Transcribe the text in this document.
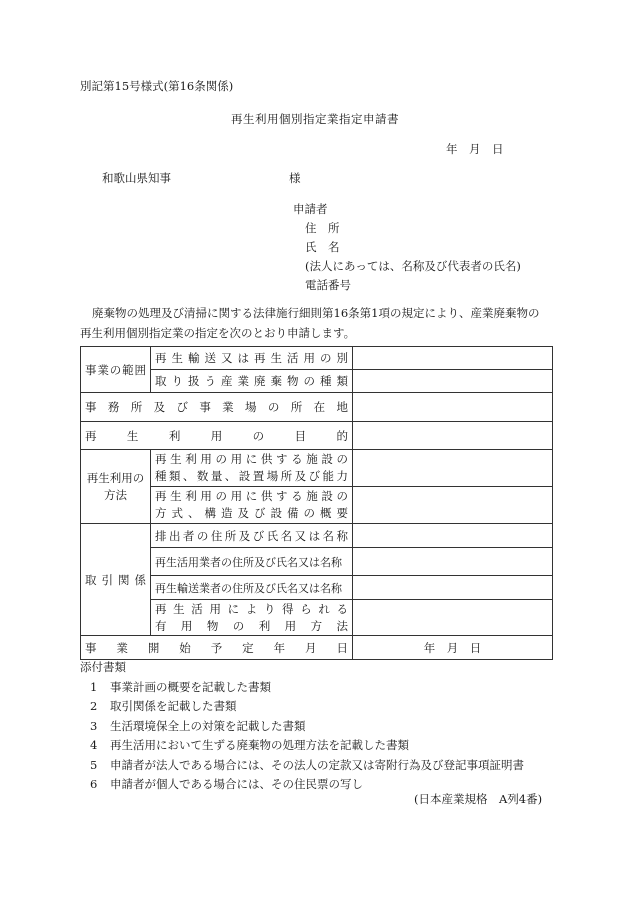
別記第15号様式(第16条関係)
再生利用個別指定業指定申請書
年　月　日
和歌山県知事	様
申請者
住　所
氏　名
(法人にあっては、名称及び代表者の氏名)
電話番号
廃棄物の処理及び清掃に関する法律施行細則第16条第1項の規定により、産業廃棄物の再生利用個別指定業の指定を次のとおり申請します。
事業の範囲	再生輸送又は再生活用の別	
	取り扱う産業廃棄物の種類	
事務所及び事業場の所在地		
再生利用の目的		
再生利用の方法	再生利用の用に供する施設の
種類、数量、設置場所及び能力	

	再生利用の用に供する施設の
方式、構造及び設備の概要	

取引関係	排出者の住所及び氏名又は名称	
	再生活用業者の住所及び氏名又は名称	
	再生輸送業者の住所及び氏名又は名称	

	再生活用により得られる
有用物の利用方法	

事業開始予定年月日		年　月　日
添付書類
1 事業計画の概要を記載した書類
2 取引関係を記載した書類
3 生活環境保全上の対策を記載した書類
4 再生活用において生ずる廃棄物の処理方法を記載した書類
5 申請者が法人である場合には、その法人の定款又は寄附行為及び登記事項証明書
6 申請者が個人である場合には、その住民票の写し
(日本産業規格　A列4番)
